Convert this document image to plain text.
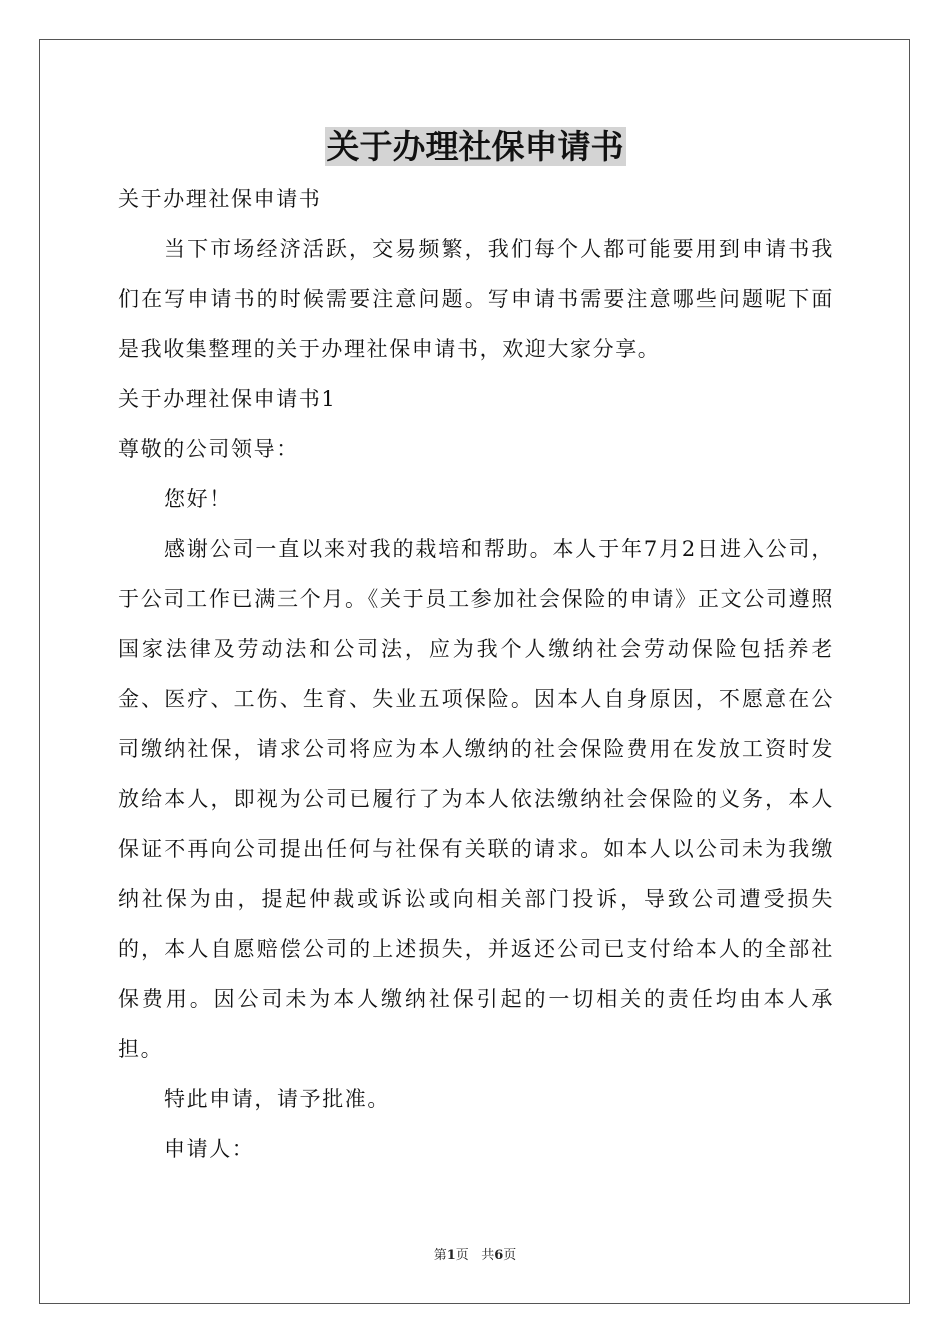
关于办理社保申请书

关于办理社保申请书

当下市场经济活跃，交易频繁，我们每个人都可能要用到申请书我们在写申请书的时候需要注意问题。写申请书需要注意哪些问题呢下面是我收集整理的关于办理社保申请书，欢迎大家分享。

关于办理社保申请书1

尊敬的公司领导：

您好！

感谢公司一直以来对我的栽培和帮助。本人于年7月2日进入公司，于公司工作已满三个月。《关于员工参加社会保险的申请》正文公司遵照国家法律及劳动法和公司法，应为我个人缴纳社会劳动保险包括养老金、医疗、工伤、生育、失业五项保险。因本人自身原因，不愿意在公司缴纳社保，请求公司将应为本人缴纳的社会保险费用在发放工资时发放给本人，即视为公司已履行了为本人依法缴纳社会保险的义务，本人保证不再向公司提出任何与社保有关联的请求。如本人以公司未为我缴纳社保为由，提起仲裁或诉讼或向相关部门投诉，导致公司遭受损失的，本人自愿赔偿公司的上述损失，并返还公司已支付给本人的全部社保费用。因公司未为本人缴纳社保引起的一切相关的责任均由本人承担。

特此申请，请予批准。

申请人：

第1页 共6页
